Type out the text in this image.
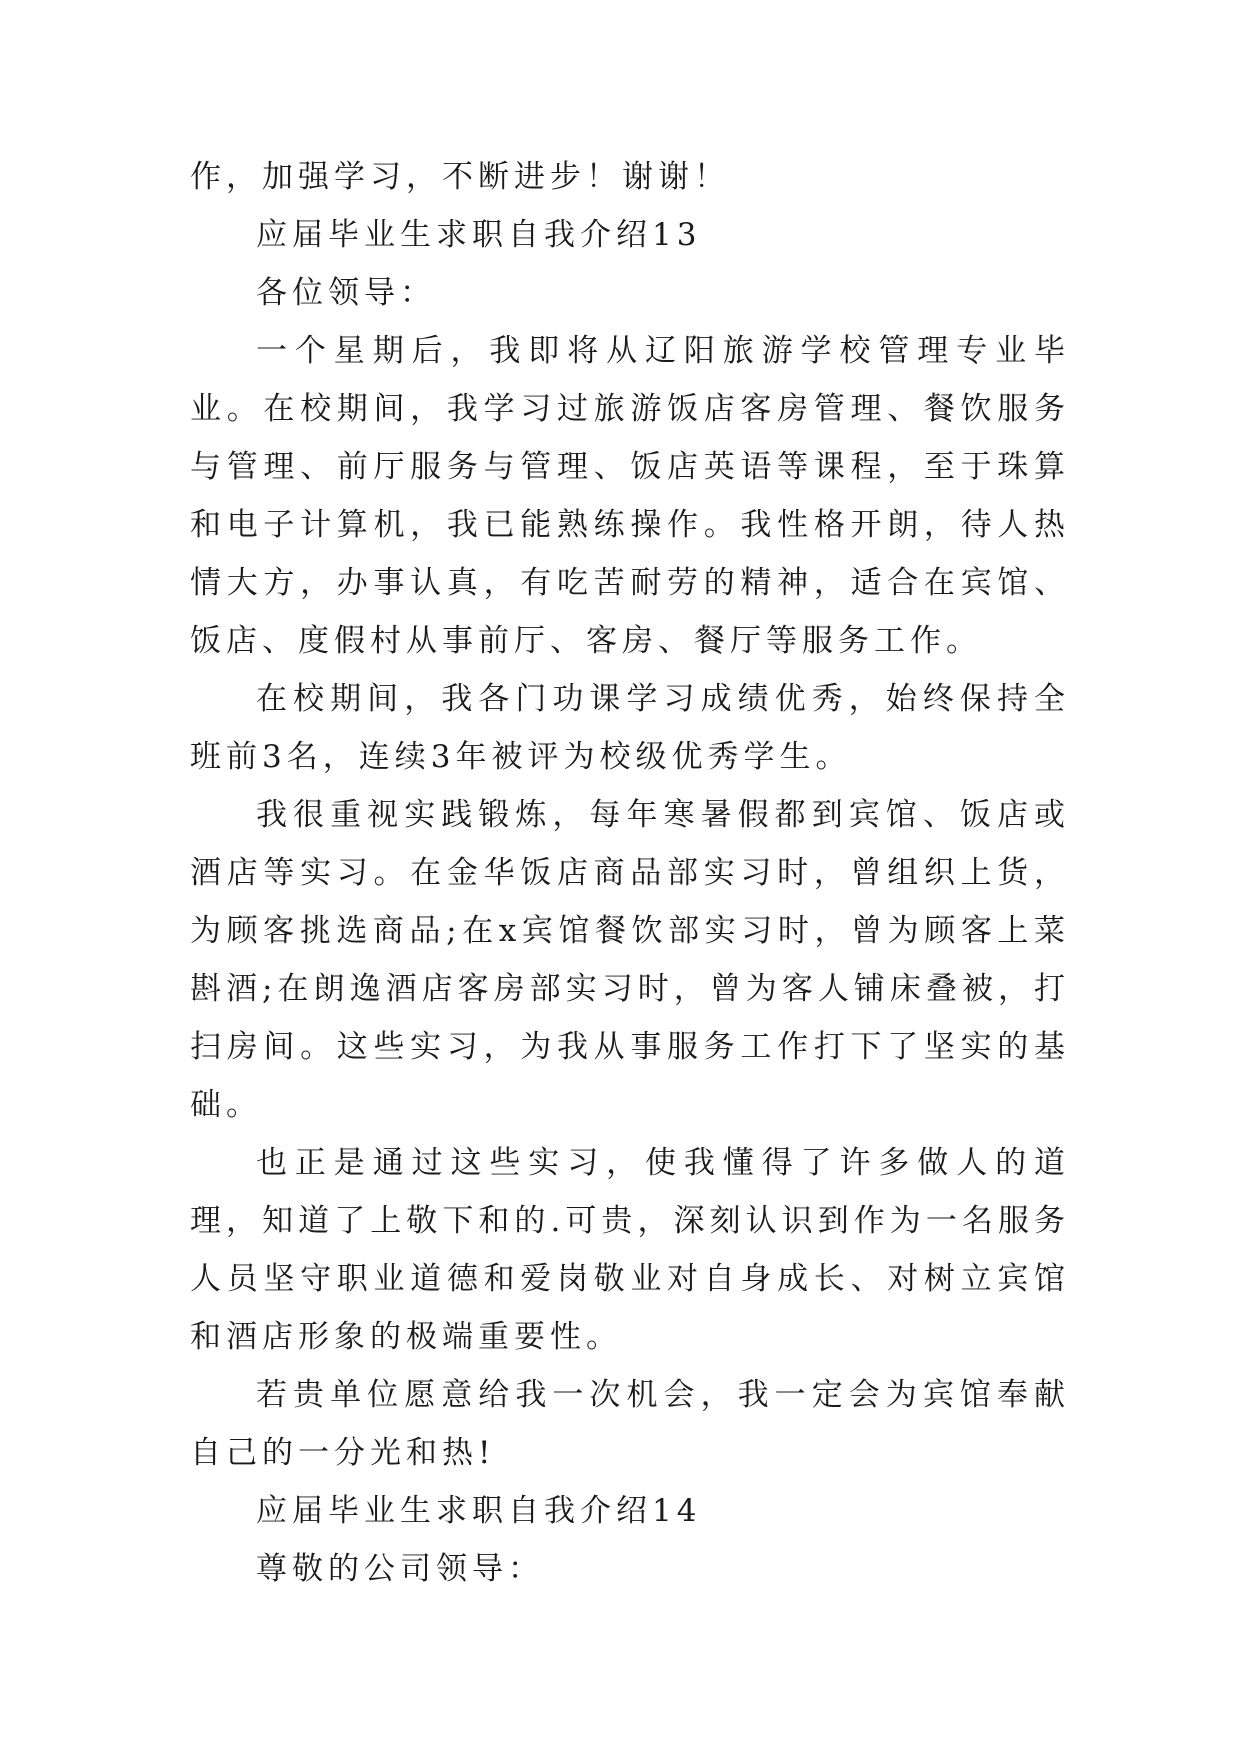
作，加强学习，不断进步！谢谢！

应届毕业生求职自我介绍13

各位领导：

一个星期后，我即将从辽阳旅游学校管理专业毕业。在校期间，我学习过旅游饭店客房管理、餐饮服务与管理、前厅服务与管理、饭店英语等课程，至于珠算和电子计算机，我已能熟练操作。我性格开朗，待人热情大方，办事认真，有吃苦耐劳的精神，适合在宾馆、饭店、度假村从事前厅、客房、餐厅等服务工作。

在校期间，我各门功课学习成绩优秀，始终保持全班前3名，连续3年被评为校级优秀学生。

我很重视实践锻炼，每年寒暑假都到宾馆、饭店或酒店等实习。在金华饭店商品部实习时，曾组织上货，为顾客挑选商品;在x宾馆餐饮部实习时，曾为顾客上菜斟酒;在朗逸酒店客房部实习时，曾为客人铺床叠被，打扫房间。这些实习，为我从事服务工作打下了坚实的基础。

也正是通过这些实习，使我懂得了许多做人的道理，知道了上敬下和的.可贵，深刻认识到作为一名服务人员坚守职业道德和爱岗敬业对自身成长、对树立宾馆和酒店形象的极端重要性。

若贵单位愿意给我一次机会，我一定会为宾馆奉献自己的一分光和热!

应届毕业生求职自我介绍14

尊敬的公司领导：
